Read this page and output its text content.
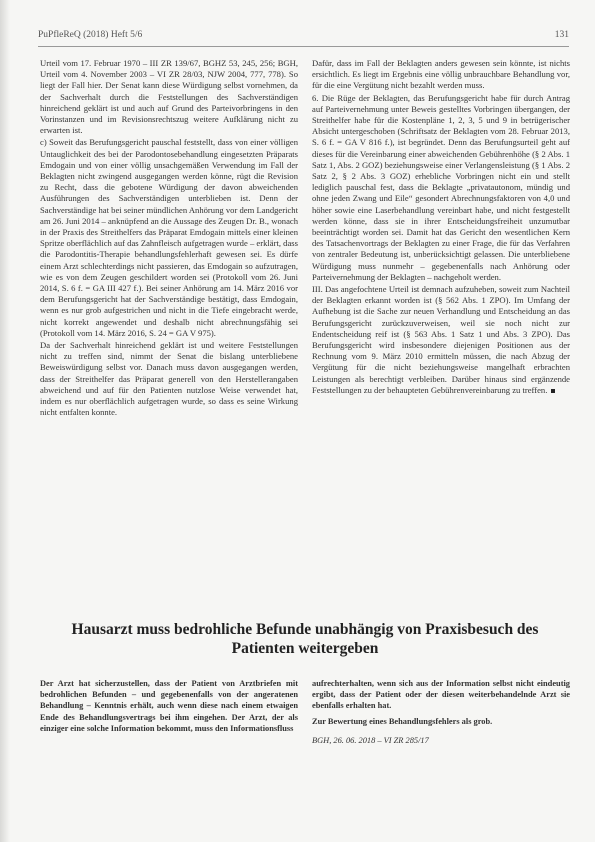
PuPfleReQ (2018) Heft 5/6	131

Urteil vom 17. Februar 1970 – III ZR 139/67, BGHZ 53, 245, 256; BGH, Urteil vom 4. November 2003 – VI ZR 28/03, NJW 2004, 777, 778). So liegt der Fall hier. Der Senat kann diese Würdigung selbst vornehmen, da der Sachverhalt durch die Feststellungen des Sachverständigen hinreichend geklärt ist und auch auf Grund des Parteivorbringens in den Vorinstanzen und im Revisionsrechtszug weitere Aufklärung nicht zu erwarten ist.

c) Soweit das Berufungsgericht pauschal feststellt, dass von einer völligen Untauglichkeit des bei der Parodontosebehandlung eingesetzten Präparats Emdogain und von einer völlig unsachgemäßen Verwendung im Fall der Beklagten nicht zwingend ausgegangen werden könne, rügt die Revision zu Recht, dass die gebotene Würdigung der davon abweichenden Ausführungen des Sachverständigen unterblieben ist. Denn der Sachverständige hat bei seiner mündlichen Anhörung vor dem Landgericht am 26. Juni 2014 – anknüpfend an die Aussage des Zeugen Dr. B., wonach in der Praxis des Streithelfers das Präparat Emdogain mittels einer kleinen Spritze oberflächlich auf das Zahnfleisch aufgetragen wurde – erklärt, dass die Parodontitis-Therapie behandlungsfehlerhaft gewesen sei. Es dürfe einem Arzt schlechterdings nicht passieren, das Emdogain so aufzutragen, wie es von dem Zeugen geschildert worden sei (Protokoll vom 26. Juni 2014, S. 6 f. = GA III 427 f.). Bei seiner Anhörung am 14. März 2016 vor dem Berufungsgericht hat der Sachverständige bestätigt, dass Emdogain, wenn es nur grob aufgestrichen und nicht in die Tiefe eingebracht werde, nicht korrekt angewendet und deshalb nicht abrechnungsfähig sei (Protokoll vom 14. März 2016, S. 24 = GA V 975).

Da der Sachverhalt hinreichend geklärt ist und weitere Feststellungen nicht zu treffen sind, nimmt der Senat die bislang unterbliebene Beweiswürdigung selbst vor. Danach muss davon ausgegangen werden, dass der Streithelfer das Präparat generell von den Herstellerangaben abweichend und auf für den Patienten nutzlose Weise verwendet hat, indem es nur oberflächlich aufgetragen wurde, so dass es seine Wirkung nicht entfalten konnte.

Dafür, dass im Fall der Beklagten anders gewesen sein könnte, ist nichts ersichtlich. Es liegt im Ergebnis eine völlig unbrauchbare Behandlung vor, für die eine Vergütung nicht bezahlt werden muss.

6. Die Rüge der Beklagten, das Berufungsgericht habe für durch Antrag auf Parteivernehmung unter Beweis gestelltes Vorbringen übergangen, der Streithelfer habe für die Kostenpläne 1, 2, 3, 5 und 9 in betrügerischer Absicht untergeschoben (Schriftsatz der Beklagten vom 28. Februar 2013, S. 6 f. = GA V 816 f.), ist begründet. Denn das Berufungsurteil geht auf dieses für die Vereinbarung einer abweichenden Gebührenhöhe (§ 2 Abs. 1 Satz 1, Abs. 2 GOZ) beziehungsweise einer Verlangensleistung (§ 1 Abs. 2 Satz 2, § 2 Abs. 3 GOZ) erhebliche Vorbringen nicht ein und stellt lediglich pauschal fest, dass die Beklagte „privatautonom, mündig und ohne jeden Zwang und Eile“ gesondert Abrechnungsfaktoren von 4,0 und höher sowie eine Laserbehandlung vereinbart habe, und nicht festgestellt werden könne, dass sie in ihrer Entscheidungsfreiheit unzumutbar beeinträchtigt worden sei. Damit hat das Gericht den wesentlichen Kern des Tatsachenvortrags der Beklagten zu einer Frage, die für das Verfahren von zentraler Bedeutung ist, unberücksichtigt gelassen. Die unterbliebene Würdigung muss nunmehr – gegebenenfalls nach Anhörung oder Parteivernehmung der Beklagten – nachgeholt werden.

III. Das angefochtene Urteil ist demnach aufzuheben, soweit zum Nachteil der Beklagten erkannt worden ist (§ 562 Abs. 1 ZPO). Im Umfang der Aufhebung ist die Sache zur neuen Verhandlung und Entscheidung an das Berufungsgericht zurückzuverweisen, weil sie noch nicht zur Endentscheidung reif ist (§ 563 Abs. 1 Satz 1 und Abs. 3 ZPO). Das Berufungsgericht wird insbesondere diejenigen Positionen aus der Rechnung vom 9. März 2010 ermitteln müssen, die nach Abzug der Vergütung für die nicht beziehungsweise mangelhaft erbrachten Leistungen als berechtigt verbleiben. Darüber hinaus sind ergänzende Feststellungen zu der behaupteten Gebührenvereinbarung zu treffen.

Hausarzt muss bedrohliche Befunde unabhängig von Praxisbesuch des Patienten weitergeben

Der Arzt hat sicherzustellen, dass der Patient von Arztbriefen mit bedrohlichen Befunden – und gegebenenfalls von der angeratenen Behandlung – Kenntnis erhält, auch wenn diese nach einem etwaigen Ende des Behandlungsvertrags bei ihm eingehen. Der Arzt, der als einziger eine solche Information bekommt, muss den Informationsfluss

aufrechterhalten, wenn sich aus der Information selbst nicht eindeutig ergibt, dass der Patient oder der diesen weiterbehandelnde Arzt sie ebenfalls erhalten hat.

Zur Bewertung eines Behandlungsfehlers als grob.

BGH, 26. 06. 2018 – VI ZR 285/17
